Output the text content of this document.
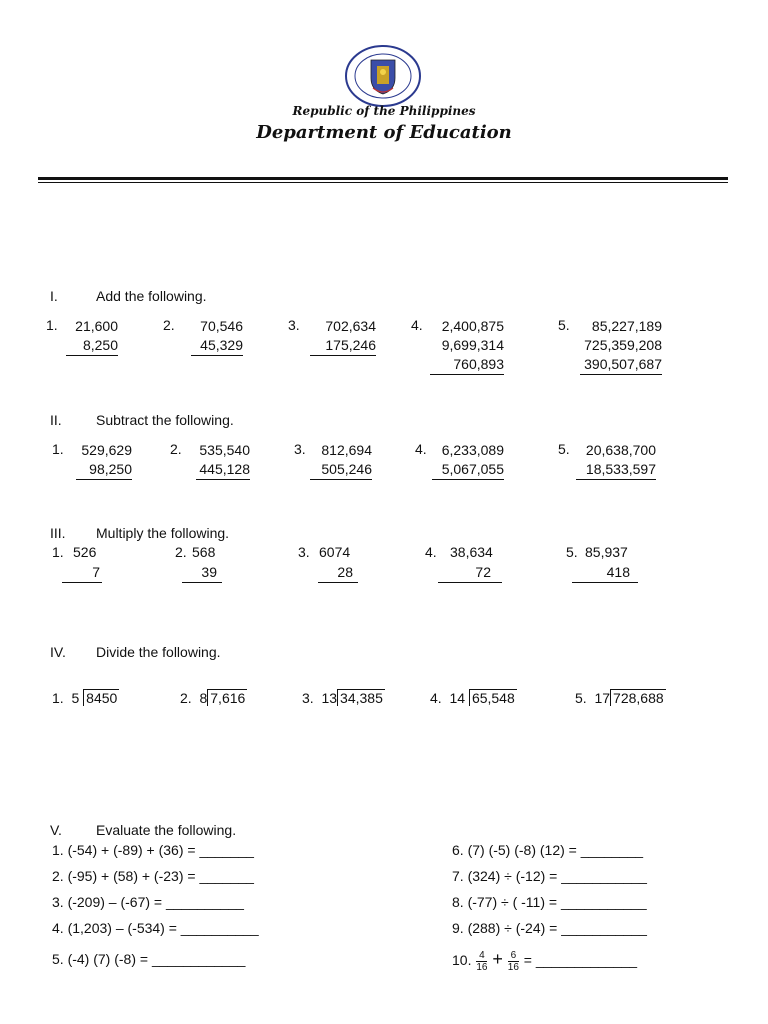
Republic of the Philippines
Department of Education
I.	Add the following.
1.	21,600
8,250
2.	70,546
45,329
3.	702,634
175,246
4.	2,400,875
9,699,314
760,893
5.	85,227,189
725,359,208
390,507,687
II. Subtract the following.
1.	529,629
98,250
2. 535,540
445,128
3.	812,694
505,246
4.	6,233,089
5,067,055
5.	20,638,700
18,533,597
III. Multiply the following.
1. 526
7
2. 568
39
3. 6074
28
4. 38,634
72
5. 85,937
418
IV. Divide the following.
1. 5 8450	2. 8 7,616	3. 13 34,385	4. 14 65,548	5. 17 728,688
V. Evaluate the following.
1. (-54) + (-89) + (36) = _______
2. (-95) + (58) + (-23) = _______
3. (-209) – (-67) = __________
4. (1,203) – (-534) = __________
5. (-4) (7) (-8) = ____________
6. (7) (-5) (-8) (12) = ________
7. (324) ÷ (-12) = ___________
8. (-77) ÷ ( -11) = ___________
9. (288) ÷ (-24) = ___________
10. $\frac{4}{16} + \frac{6}{16}$ = _____________
